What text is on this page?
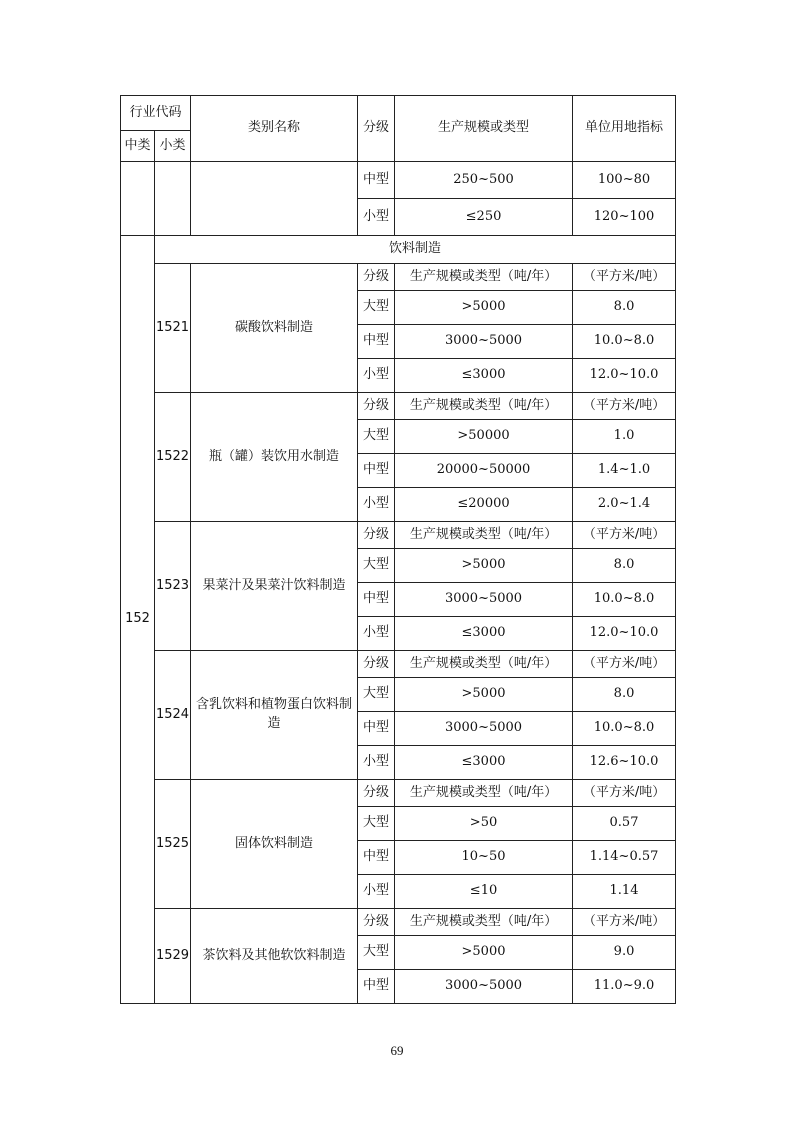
行业代码		类别名称	分级	生产规模或类型	单位用地指标
中类	小类				
			中型	250~500	100~80
			小型	≤250	120~100
152	饮料制造				
	1521	碳酸饮料制造	分级	生产规模或类型（吨/年）	（平方米/吨）
			大型	>5000	8.0
			中型	3000~5000	10.0~8.0
			小型	≤3000	12.0~10.0
	1522	瓶（罐）装饮用水制造	分级	生产规模或类型（吨/年）	（平方米/吨）
			大型	>50000	1.0
			中型	20000~50000	1.4~1.0
			小型	≤20000	2.0~1.4
	1523	果菜汁及果菜汁饮料制造	分级	生产规模或类型（吨/年）	（平方米/吨）
			大型	>5000	8.0
			中型	3000~5000	10.0~8.0
			小型	≤3000	12.0~10.0
	1524	含乳饮料和植物蛋白饮料制造	分级	生产规模或类型（吨/年）	（平方米/吨）
			大型	>5000	8.0
			中型	3000~5000	10.0~8.0
			小型	≤3000	12.6~10.0
	1525	固体饮料制造	分级	生产规模或类型（吨/年）	（平方米/吨）
			大型	>50	0.57
			中型	10~50	1.14~0.57
			小型	≤10	1.14
	1529	茶饮料及其他软饮料制造	分级	生产规模或类型（吨/年）	（平方米/吨）
			大型	>5000	9.0
			中型	3000~5000	11.0~9.0
69
